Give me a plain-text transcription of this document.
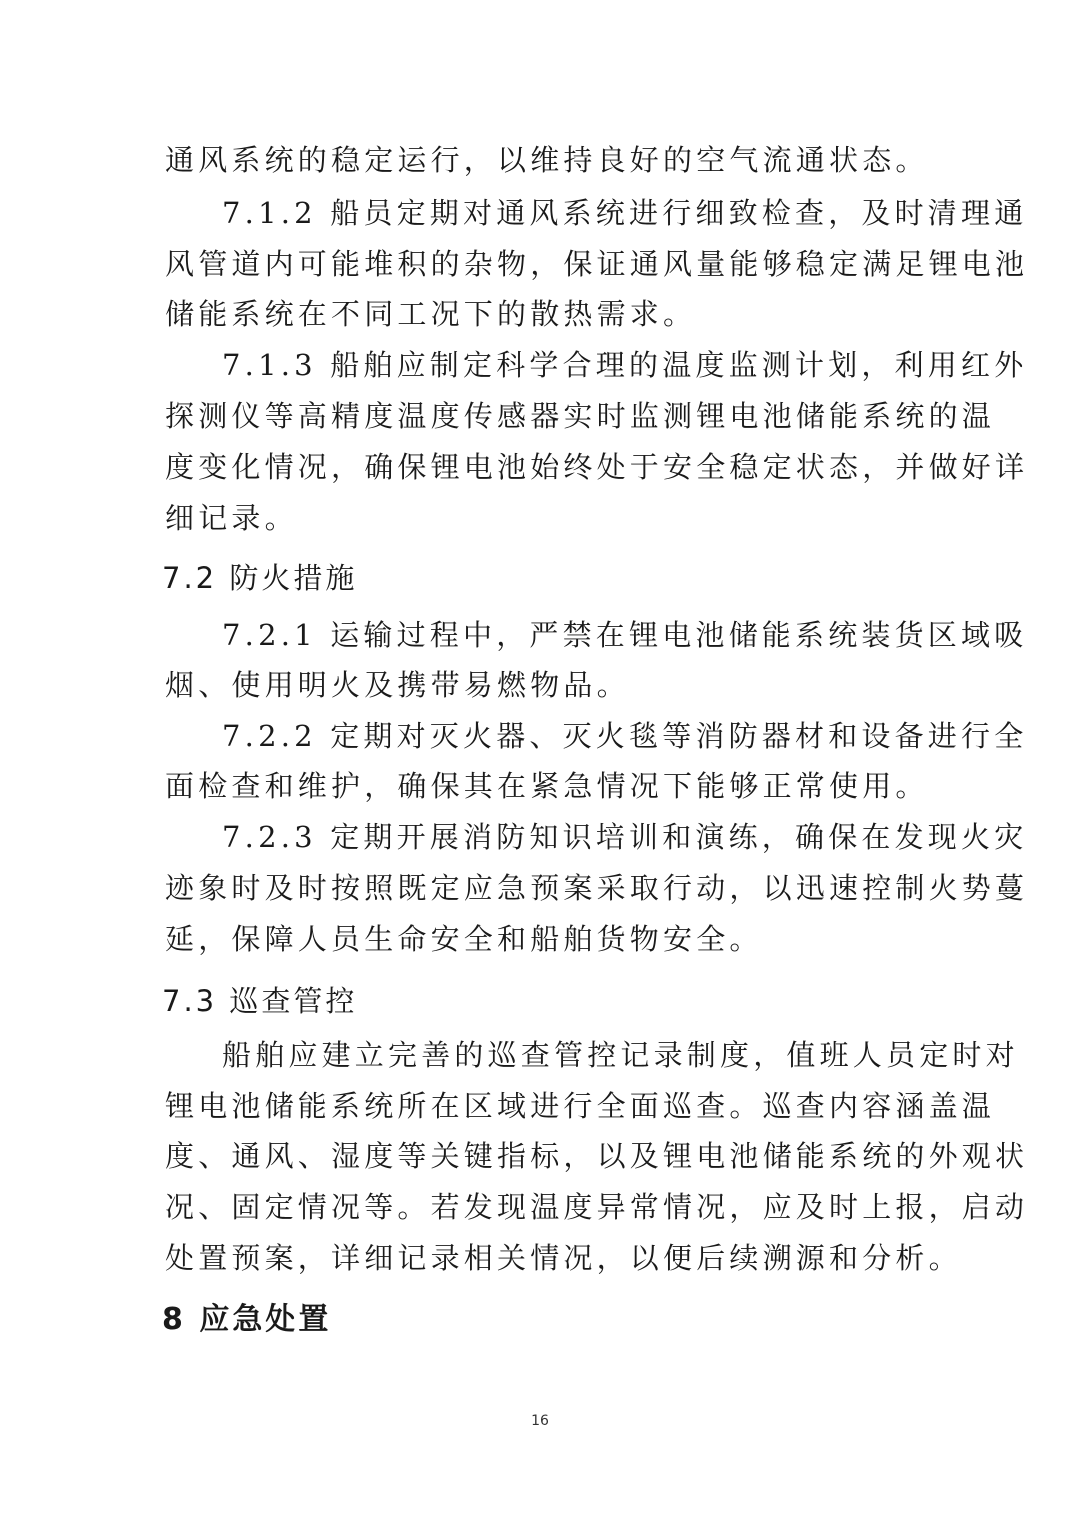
通风系统的稳定运行，以维持良好的空气流通状态。
7.1.2 船员定期对通风系统进行细致检查，及时清理通
风管道内可能堆积的杂物，保证通风量能够稳定满足锂电池
储能系统在不同工况下的散热需求。
7.1.3 船舶应制定科学合理的温度监测计划，利用红外
探测仪等高精度温度传感器实时监测锂电池储能系统的温
度变化情况，确保锂电池始终处于安全稳定状态，并做好详
细记录。
7.2 防火措施
7.2.1 运输过程中，严禁在锂电池储能系统装货区域吸
烟、使用明火及携带易燃物品。
7.2.2 定期对灭火器、灭火毯等消防器材和设备进行全
面检查和维护，确保其在紧急情况下能够正常使用。
7.2.3 定期开展消防知识培训和演练，确保在发现火灾
迹象时及时按照既定应急预案采取行动，以迅速控制火势蔓
延，保障人员生命安全和船舶货物安全。
7.3 巡查管控
船舶应建立完善的巡查管控记录制度，值班人员定时对
锂电池储能系统所在区域进行全面巡查。巡查内容涵盖温
度、通风、湿度等关键指标，以及锂电池储能系统的外观状
况、固定情况等。若发现温度异常情况，应及时上报，启动
处置预案，详细记录相关情况，以便后续溯源和分析。
8 应急处置
16
